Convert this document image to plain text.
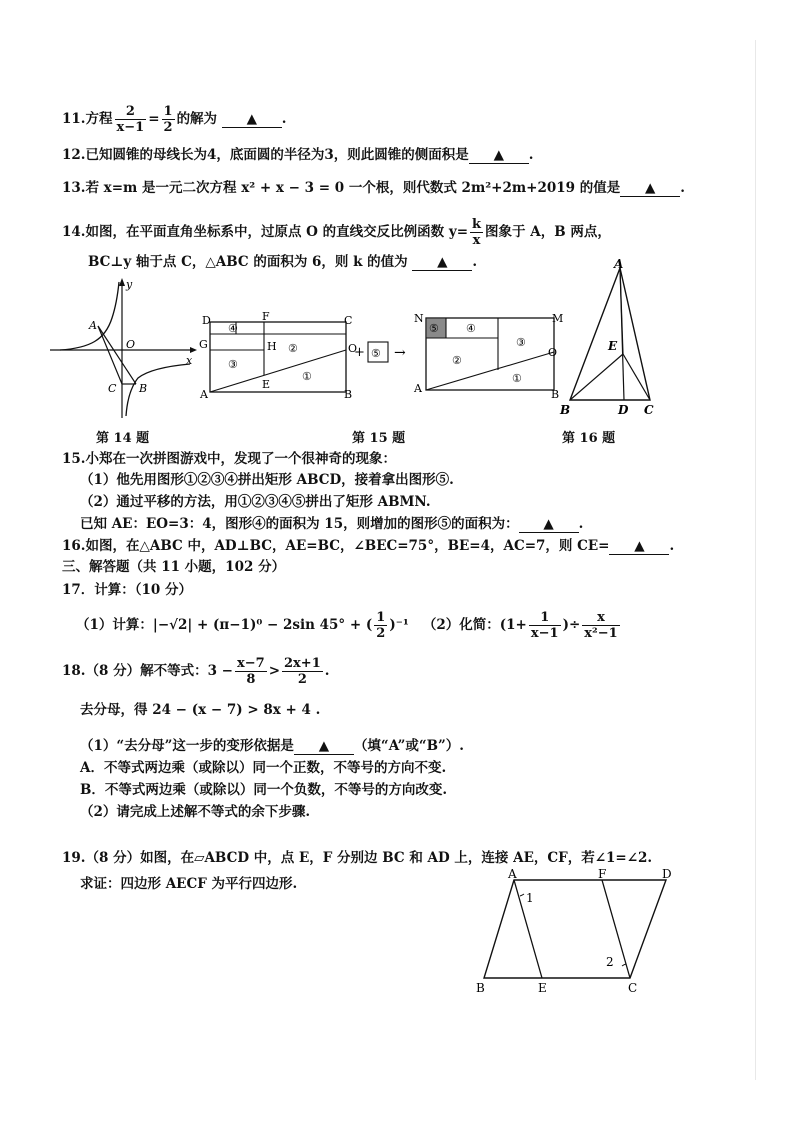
11.方程 $\frac{2}{x-1} = \frac{1}{2}$ 的解为 ▲ .
12.已知圆锥的母线长为4，底面圆的半径为3，则此圆锥的侧面积是 ▲ .
13.若 x=m 是一元二次方程 x² + x − 3 = 0 一个根，则代数式 2m²+2m+2019 的值是 ▲ .
14.如图，在平面直角坐标系中，过原点 O 的直线交反比例函数 $y= \frac{k}{x}$ 图象于 A，B 两点，
BC⊥y 轴于点 C，△ABC 的面积为 6，则 k 的值为 ▲ .
y
A
O
x
C B
D	F	C
G	H	O
A
E
B
④
③
②
①
+ ⑤ →
N	M
O
A	B
⑤ ④
③
②
①
A
E
B	D C
第 14 题	第 15 题	第 16 题
15.小郑在一次拼图游戏中，发现了一个很神奇的现象：
（1）他先用图形①②③④拼出矩形 ABCD，接着拿出图形⑤.
（2）通过平移的方法，用①②③④⑤拼出了矩形 ABMN.
已知 AE：EO=3：4，图形④的面积为 15，则增加的图形⑤的面积为： ▲ .
16.如图，在△ABC 中，AD⊥BC，AE=BC，∠BEC=75°，BE=4，AC=7，则 CE= ▲ .
三、解答题（共 11 小题，102 分）
17．计算：（10 分）
（1）计算：|−√2| + (π−1)⁰ − 2sin 45° + ( $\frac{1}{2} )^{-1}$ （2）化简：($1+ \frac{1}{x-1}$ )÷ $\frac{x}{\text{x²−1}}$
18.（8 分）解不等式：$3 - \frac{x-7}{8} > \frac{2x+1}{2}$ .
去分母，得 24 − (x − 7) > 8x + 4 .
（1）“去分母”这一步的变形依据是 ▲ （填“A”或“B”）.
A．不等式两边乘（或除以）同一个正数，不等号的方向不变.
B．不等式两边乘（或除以）同一个负数，不等号的方向改变.
（2）请完成上述解不等式的余下步骤.
19.（8 分）如图，在▱ABCD 中，点 E，F 分别边 BC 和 AD 上，连接 AE，CF，若∠1=∠2.
求证：四边形 AECF 为平行四边形.
A	F	D
1
2
B	E	C
